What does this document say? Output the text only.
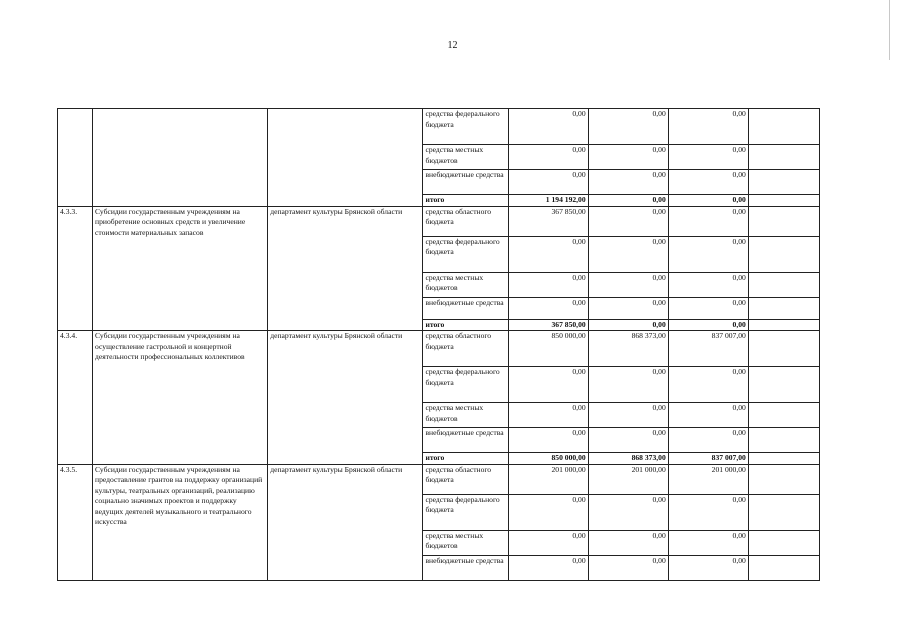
12
			средства федерального бюджета	0,00	0,00	0,00	
			средства местных бюджетов	0,00	0,00	0,00	
			внебюджетные средства	0,00	0,00	0,00	
			итого	1 194 192,00	0,00	0,00	
4.3.3.	Субсидии государственным учреждениям на приобретение основных средств и увеличение стоимости материальных запасов	департамент культуры Брянской области	средства областного бюджета	367 850,00	0,00	0,00	
			средства федерального бюджета	0,00	0,00	0,00	
			средства местных бюджетов	0,00	0,00	0,00	
			внебюджетные средства	0,00	0,00	0,00	
			итого	367 850,00	0,00	0,00	
4.3.4.	Субсидии государственным учреждениям на осуществление гастрольной и концертной деятельности профессиональных коллективов	департамент культуры Брянской области	средства областного бюджета	850 000,00	868 373,00	837 007,00	
			средства федерального бюджета	0,00	0,00	0,00	
			средства местных бюджетов	0,00	0,00	0,00	
			внебюджетные средства	0,00	0,00	0,00	
			итого	850 000,00	868 373,00	837 007,00	
4.3.5.	Субсидии государственным учреждениям на предоставление грантов на поддержку организаций культуры, театральных организаций, реализацию социально значимых проектов и поддержку ведущих деятелей музыкального и театрального искусства	департамент культуры Брянской области	средства областного бюджета	201 000,00	201 000,00	201 000,00	
			средства федерального бюджета	0,00	0,00	0,00	
			средства местных бюджетов	0,00	0,00	0,00	
			внебюджетные средства	0,00	0,00	0,00	
